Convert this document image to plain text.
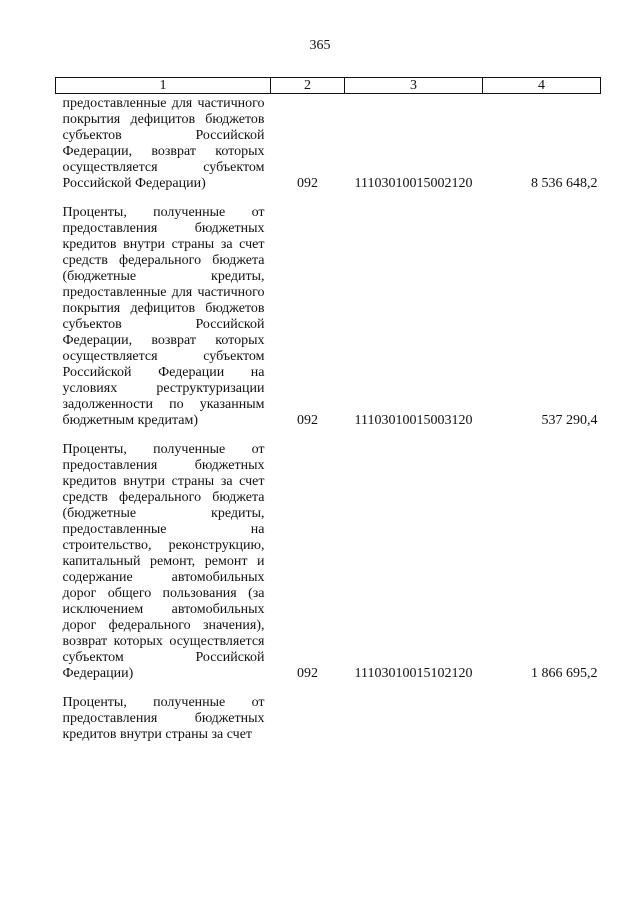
365
1	2	3	4
предоставленные для частичного покрытия дефицитов бюджетов субъектов Российской Федерации, возврат которых осуществляется субъектом Российской Федерации)	092	11103010015002120	8 536 648,2
Проценты, полученные от предоставления бюджетных кредитов внутри страны за счет средств федерального бюджета (бюджетные кредиты, предоставленные для частичного покрытия дефицитов бюджетов субъектов Российской Федерации, возврат которых осуществляется субъектом Российской Федерации на условиях реструктуризации задолженности по указанным бюджетным кредитам)	092	11103010015003120	537 290,4
Проценты, полученные от предоставления бюджетных кредитов внутри страны за счет средств федерального бюджета (бюджетные кредиты, предоставленные на строительство, реконструкцию, капитальный ремонт, ремонт и содержание автомобильных дорог общего пользования (за исключением автомобильных дорог федерального значения), возврат которых осуществляется субъектом Российской Федерации)	092	11103010015102120	1 866 695,2
Проценты, полученные от предоставления бюджетных кредитов внутри страны за счет			
